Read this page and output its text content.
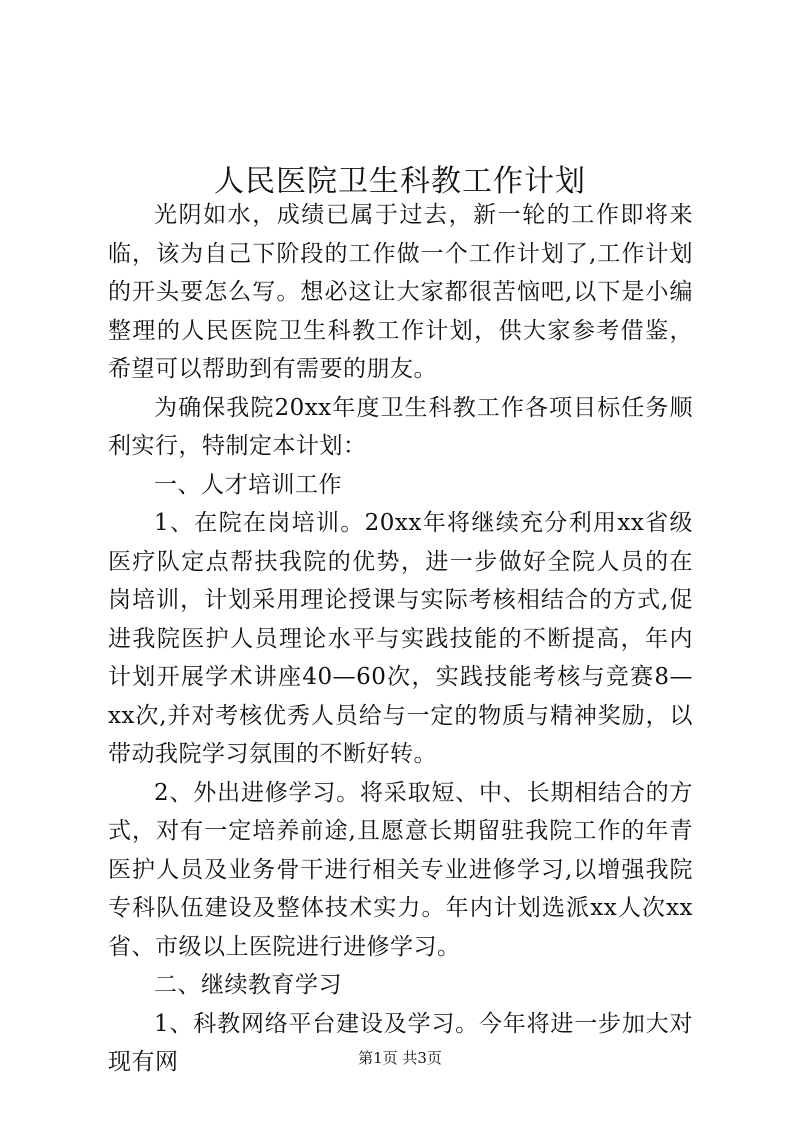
人民医院卫生科教工作计划

光阴如水，成绩已属于过去，新一轮的工作即将来临，该为自己下阶段的工作做一个工作计划了,工作计划的开头要怎么写。想必这让大家都很苦恼吧,以下是小编整理的人民医院卫生科教工作计划，供大家参考借鉴，希望可以帮助到有需要的朋友。

为确保我院20xx年度卫生科教工作各项目标任务顺利实行，特制定本计划：

一、人才培训工作

1、在院在岗培训。20xx年将继续充分利用xx省级医疗队定点帮扶我院的优势，进一步做好全院人员的在岗培训，计划采用理论授课与实际考核相结合的方式,促进我院医护人员理论水平与实践技能的不断提高，年内计划开展学术讲座40—60次，实践技能考核与竞赛8—xx次,并对考核优秀人员给与一定的物质与精神奖励，以带动我院学习氛围的不断好转。

2、外出进修学习。将采取短、中、长期相结合的方式，对有一定培养前途,且愿意长期留驻我院工作的年青医护人员及业务骨干进行相关专业进修学习,以增强我院专科队伍建设及整体技术实力。年内计划选派xx人次xx省、市级以上医院进行进修学习。

二、继续教育学习

1、科教网络平台建设及学习。今年将进一步加大对现有网	第1页 共3页
